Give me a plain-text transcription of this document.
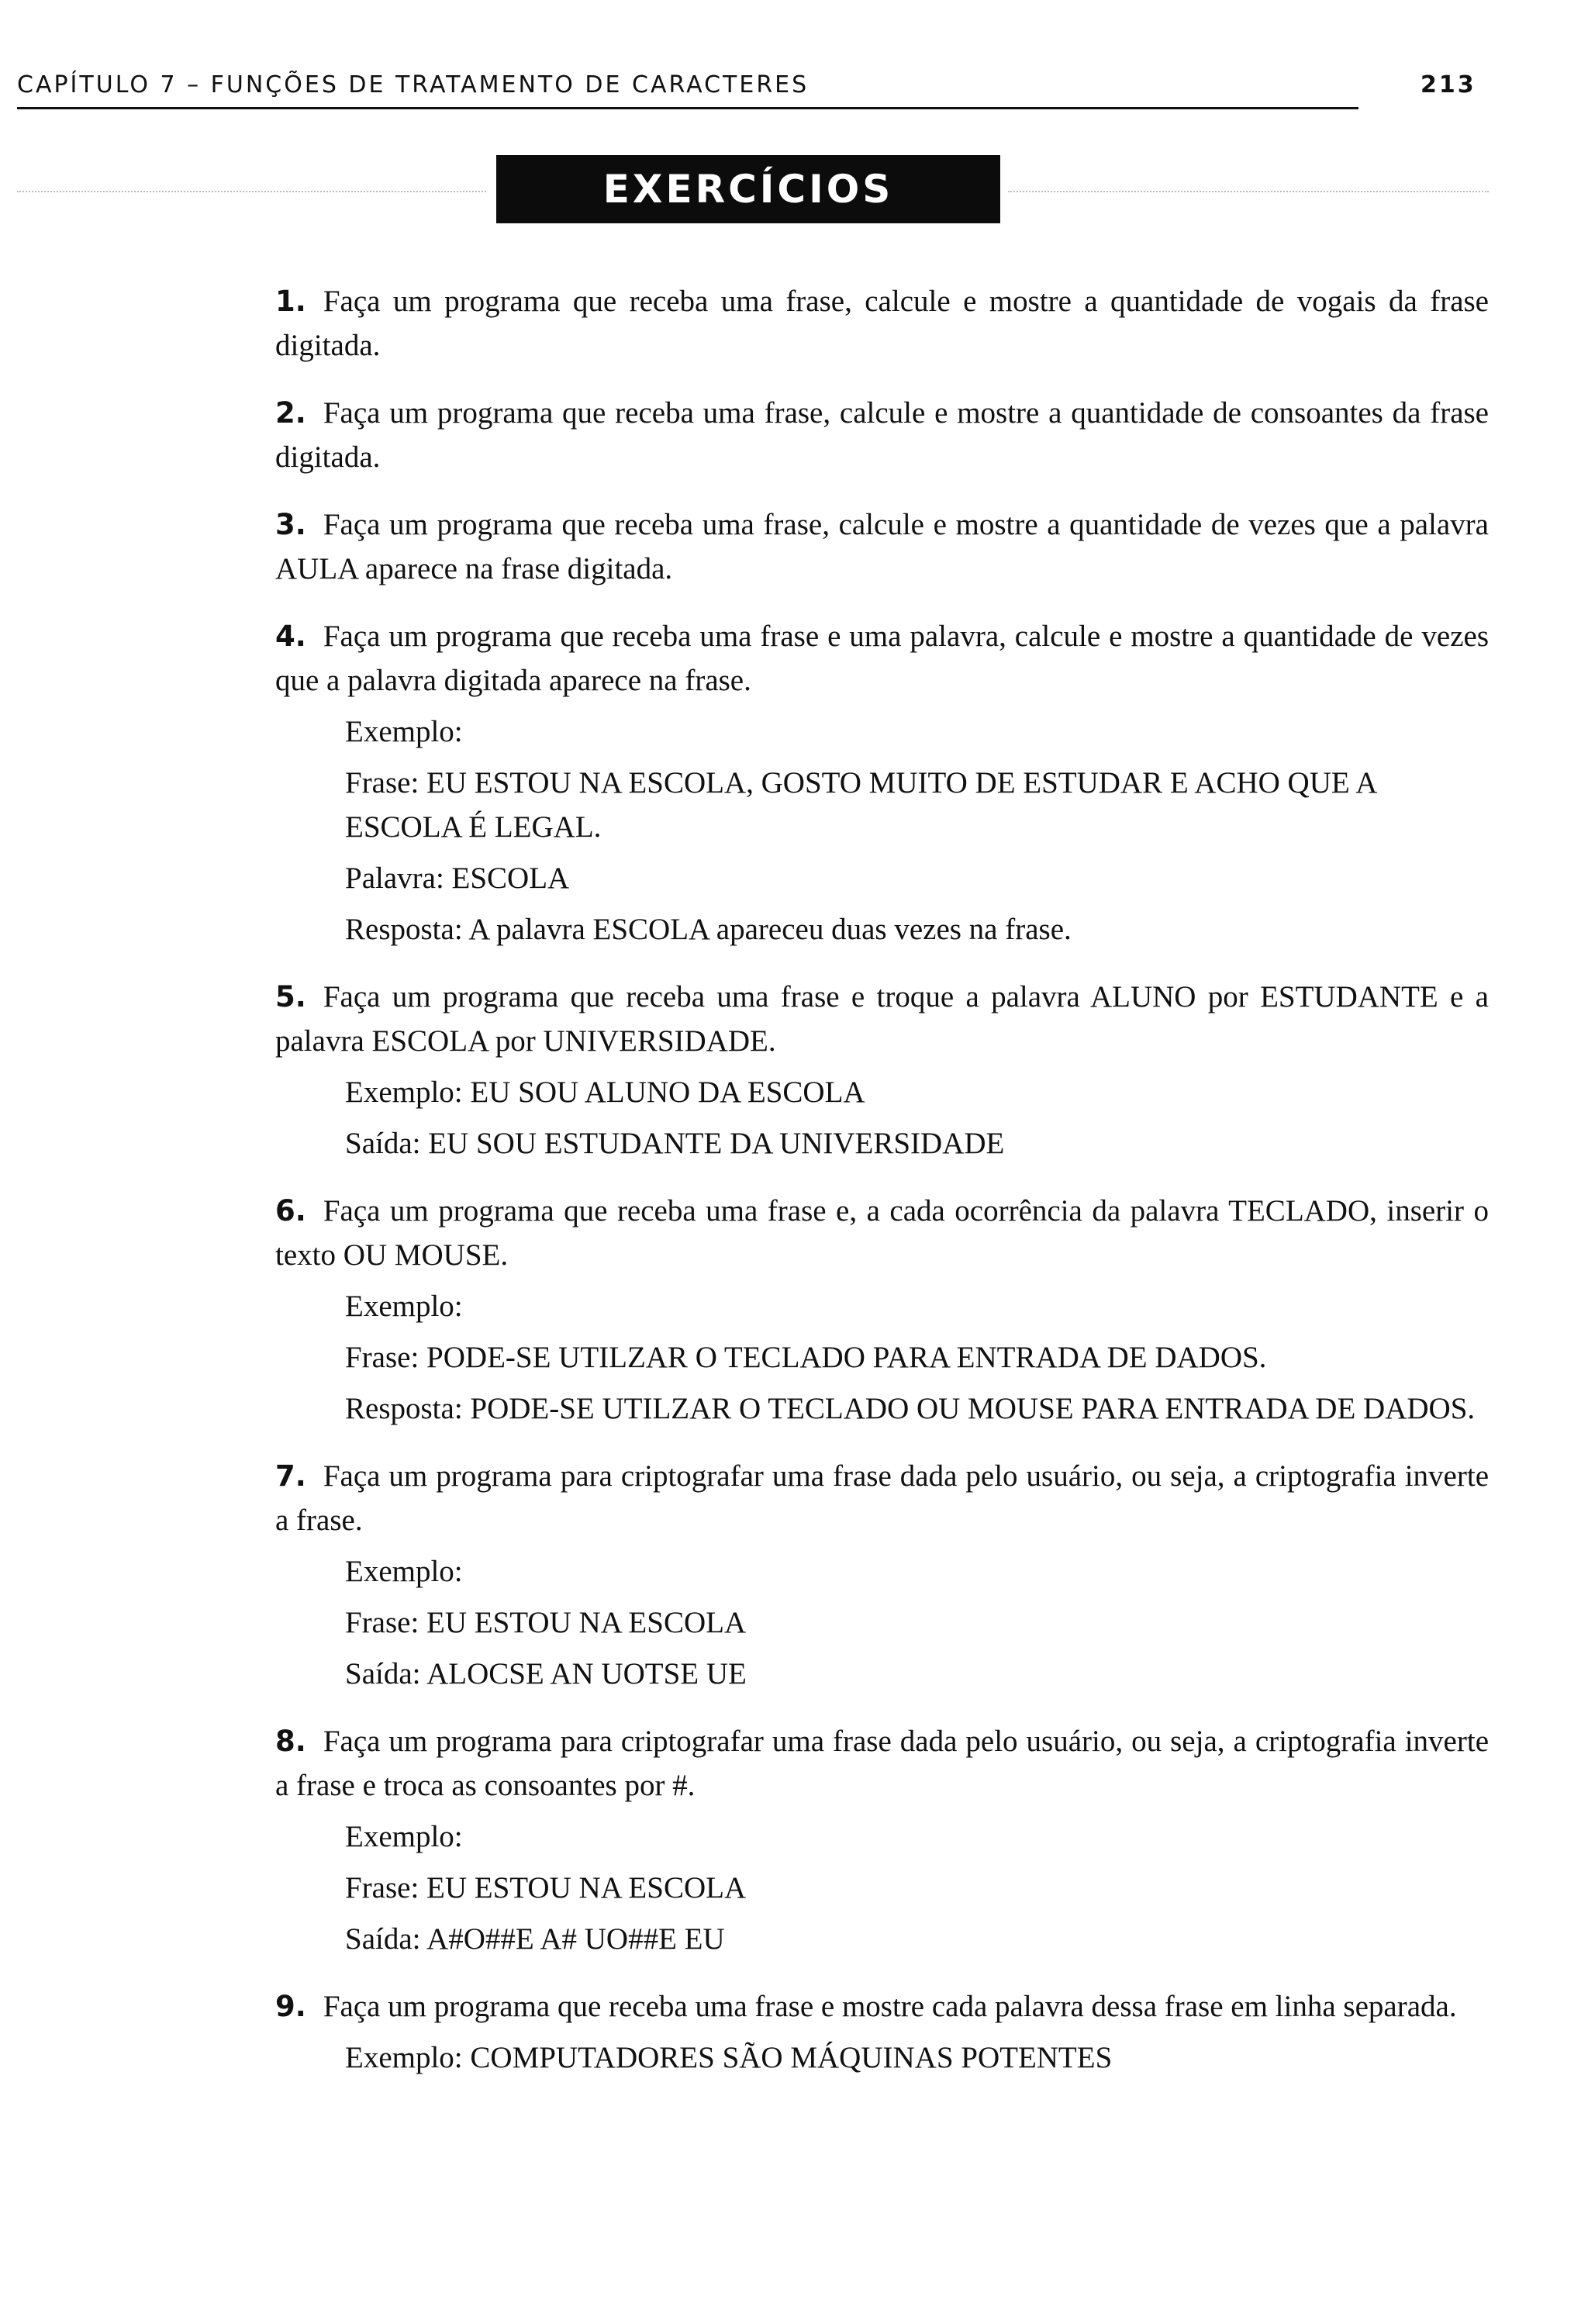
CAPÍTULO 7 – FUNÇÕES DE TRATAMENTO DE CARACTERES	213
EXERCÍCIOS PROPOSTOS

1. Faça um programa que receba uma frase, calcule e mostre a quantidade de vogais da frase digitada.

2. Faça um programa que receba uma frase, calcule e mostre a quantidade de consoantes da frase digitada.

3. Faça um programa que receba uma frase, calcule e mostre a quantidade de vezes que a palavra AULA aparece na frase digitada.

4. Faça um programa que receba uma frase e uma palavra, calcule e mostre a quantidade de vezes que a palavra digitada aparece na frase.

Exemplo:

Frase: EU ESTOU NA ESCOLA, GOSTO MUITO DE ESTUDAR E ACHO QUE A ESCOLA É LEGAL.

Palavra: ESCOLA

Resposta: A palavra ESCOLA apareceu duas vezes na frase.

5. Faça um programa que receba uma frase e troque a palavra ALUNO por ESTUDANTE e a palavra ESCOLA por UNIVERSIDADE.

Exemplo: EU SOU ALUNO DA ESCOLA

Saída: EU SOU ESTUDANTE DA UNIVERSIDADE

6. Faça um programa que receba uma frase e, a cada ocorrência da palavra TECLADO, inserir o texto OU MOUSE.

Exemplo:

Frase: PODE-SE UTILZAR O TECLADO PARA ENTRADA DE DADOS.

Resposta: PODE-SE UTILZAR O TECLADO OU MOUSE PARA ENTRADA DE DADOS.

7. Faça um programa para criptografar uma frase dada pelo usuário, ou seja, a criptografia inverte a frase.

Exemplo:

Frase: EU ESTOU NA ESCOLA

Saída: ALOCSE AN UOTSE UE

8. Faça um programa para criptografar uma frase dada pelo usuário, ou seja, a criptografia inverte a frase e troca as consoantes por #.

Exemplo:

Frase: EU ESTOU NA ESCOLA

Saída: A#O##E A# UO##E EU

9. Faça um programa que receba uma frase e mostre cada palavra dessa frase em linha separada.

Exemplo: COMPUTADORES SÃO MÁQUINAS POTENTES
